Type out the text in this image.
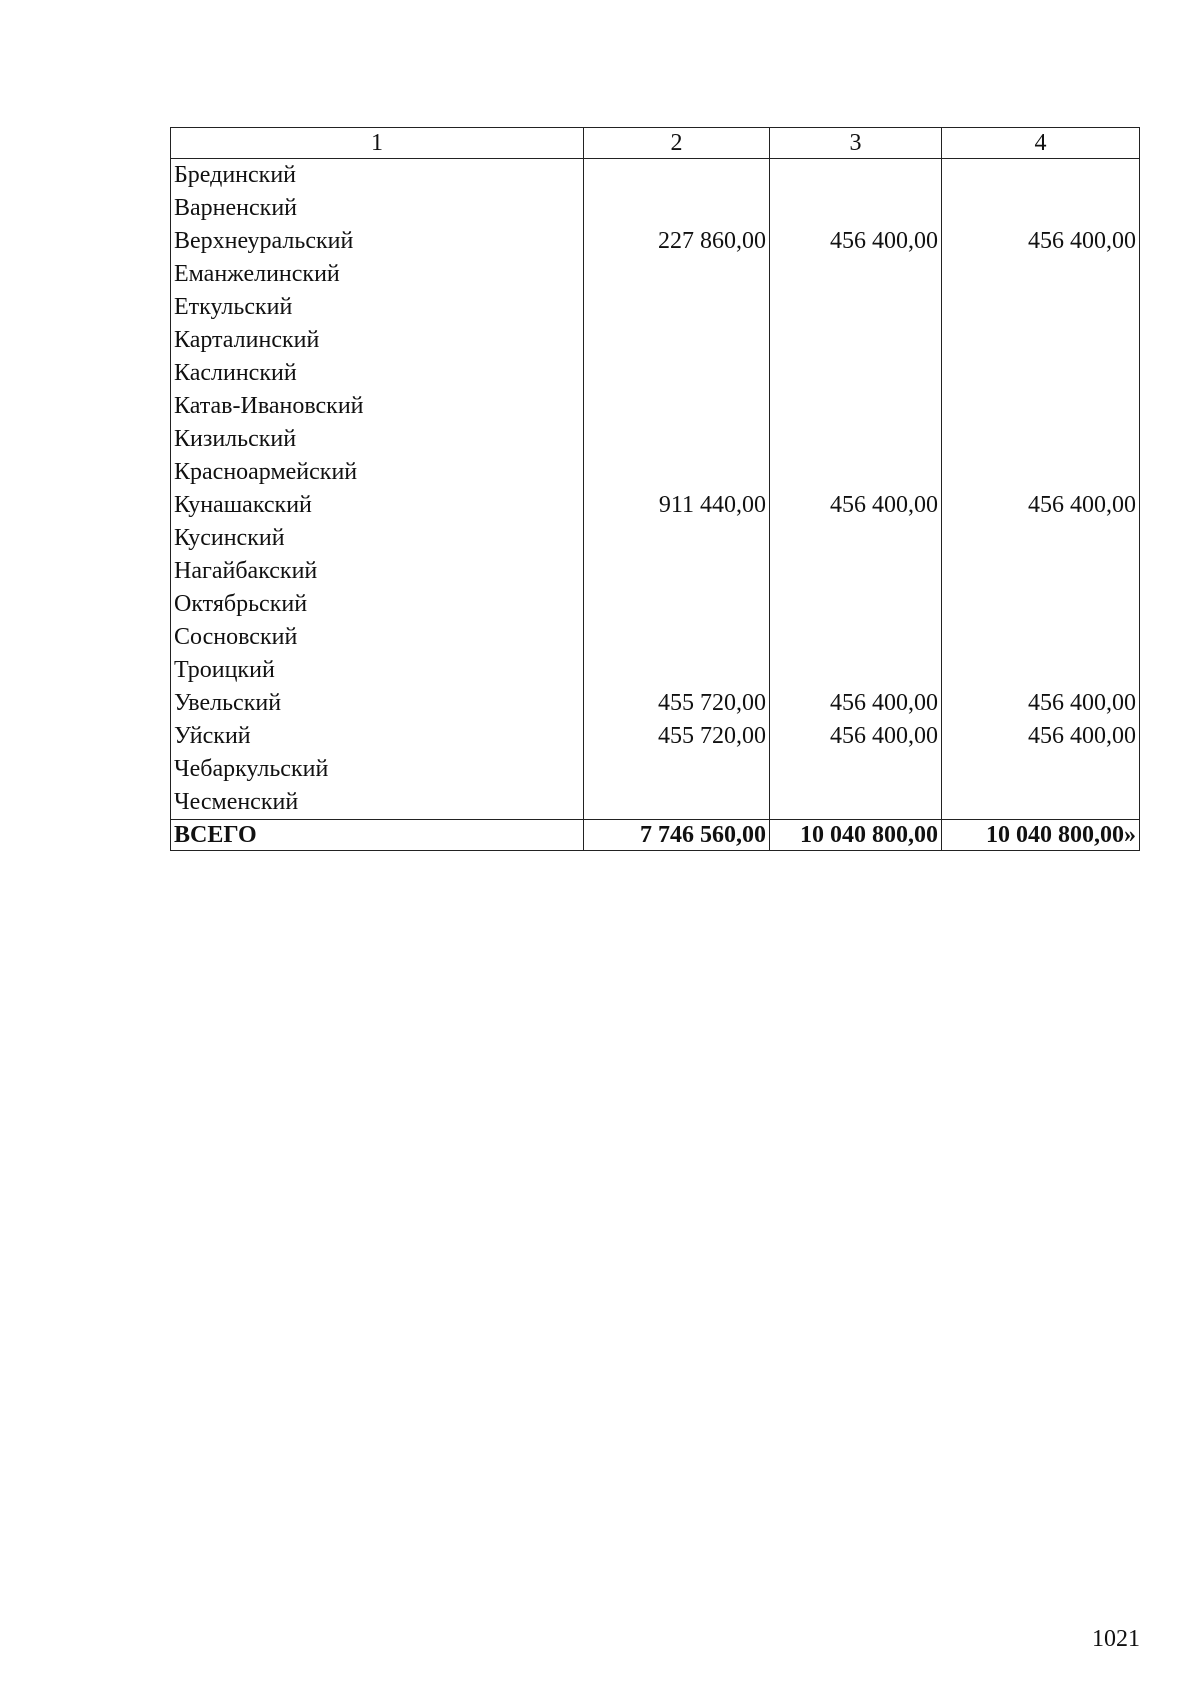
1	2	3	4
Брединский			
Варненский			
Верхнеуральский	227 860,00	456 400,00	456 400,00
Еманжелинский			
Еткульский			
Карталинский			
Каслинский			
Катав-Ивановский			
Кизильский			
Красноармейский			
Кунашакский	911 440,00	456 400,00	456 400,00
Кусинский			
Нагайбакский			
Октябрьский			
Сосновский			
Троицкий			
Увельский	455 720,00	456 400,00	456 400,00
Уйский	455 720,00	456 400,00	456 400,00
Чебаркульский			
Чесменский			
ВСЕГО	7 746 560,00	10 040 800,00	10 040 800,00»
1021
